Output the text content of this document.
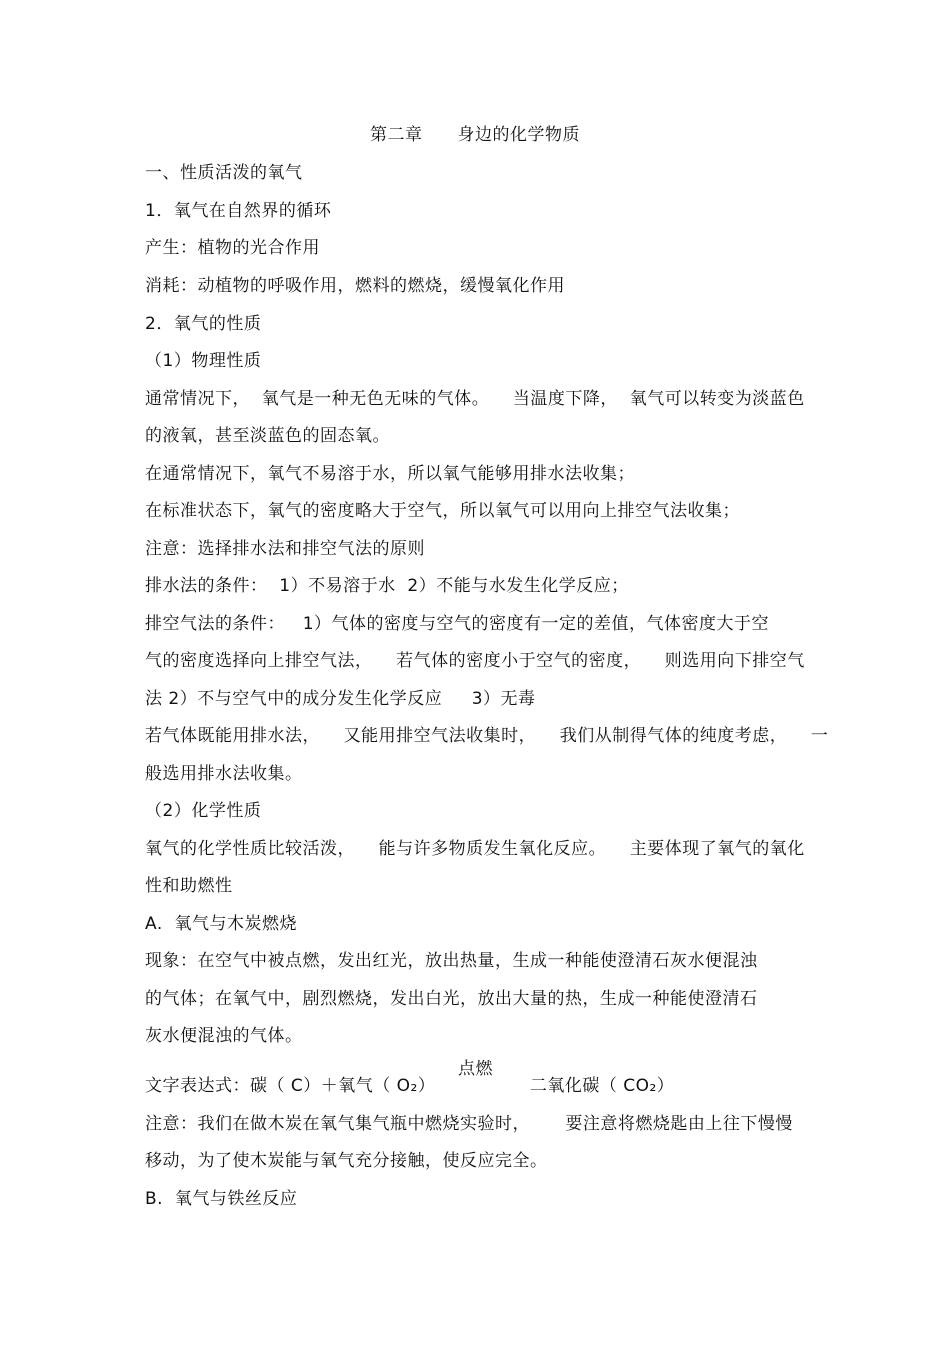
第二章　　身边的化学物质
一、性质活泼的氧气
1．氧气在自然界的循环
产生：植物的光合作用
消耗：动植物的呼吸作用，燃料的燃烧，缓慢氧化作用
2．氧气的性质
（1）物理性质
通常情况下，  氧气是一种无色无味的气体。    当温度下降，  氧气可以转变为淡蓝色
的液氧，甚至淡蓝色的固态氧。
在通常情况下，氧气不易溶于水，所以氧气能够用排水法收集；
在标准状态下，氧气的密度略大于空气，所以氧气可以用向上排空气法收集；
注意：选择排水法和排空气法的原则
排水法的条件：  1）不易溶于水  2）不能与水发生化学反应；
排空气法的条件：   1）气体的密度与空气的密度有一定的差值，气体密度大于空
气的密度选择向上排空气法，    若气体的密度小于空气的密度，    则选用向下排空气
法 2）不与空气中的成分发生化学反应     3）无毒
若气体既能用排水法，    又能用排空气法收集时，    我们从制得气体的纯度考虑，    一
般选用排水法收集。
（2）化学性质
氧气的化学性质比较活泼，    能与许多物质发生氧化反应。    主要体现了氧气的氧化
性和助燃性
A.  氧气与木炭燃烧
现象：在空气中被点燃，发出红光，放出热量，生成一种能使澄清石灰水便混浊
的气体；在氧气中，剧烈燃烧，发出白光，放出大量的热，生成一种能使澄清石
灰水便混浊的气体。
点燃
文字表达式：碳（ C）＋氧气（ O₂）                二氧化碳（ CO₂）
注意：我们在做木炭在氧气集气瓶中燃烧实验时，      要注意将燃烧匙由上往下慢慢
移动，为了使木炭能与氧气充分接触，使反应完全。
B.  氧气与铁丝反应
